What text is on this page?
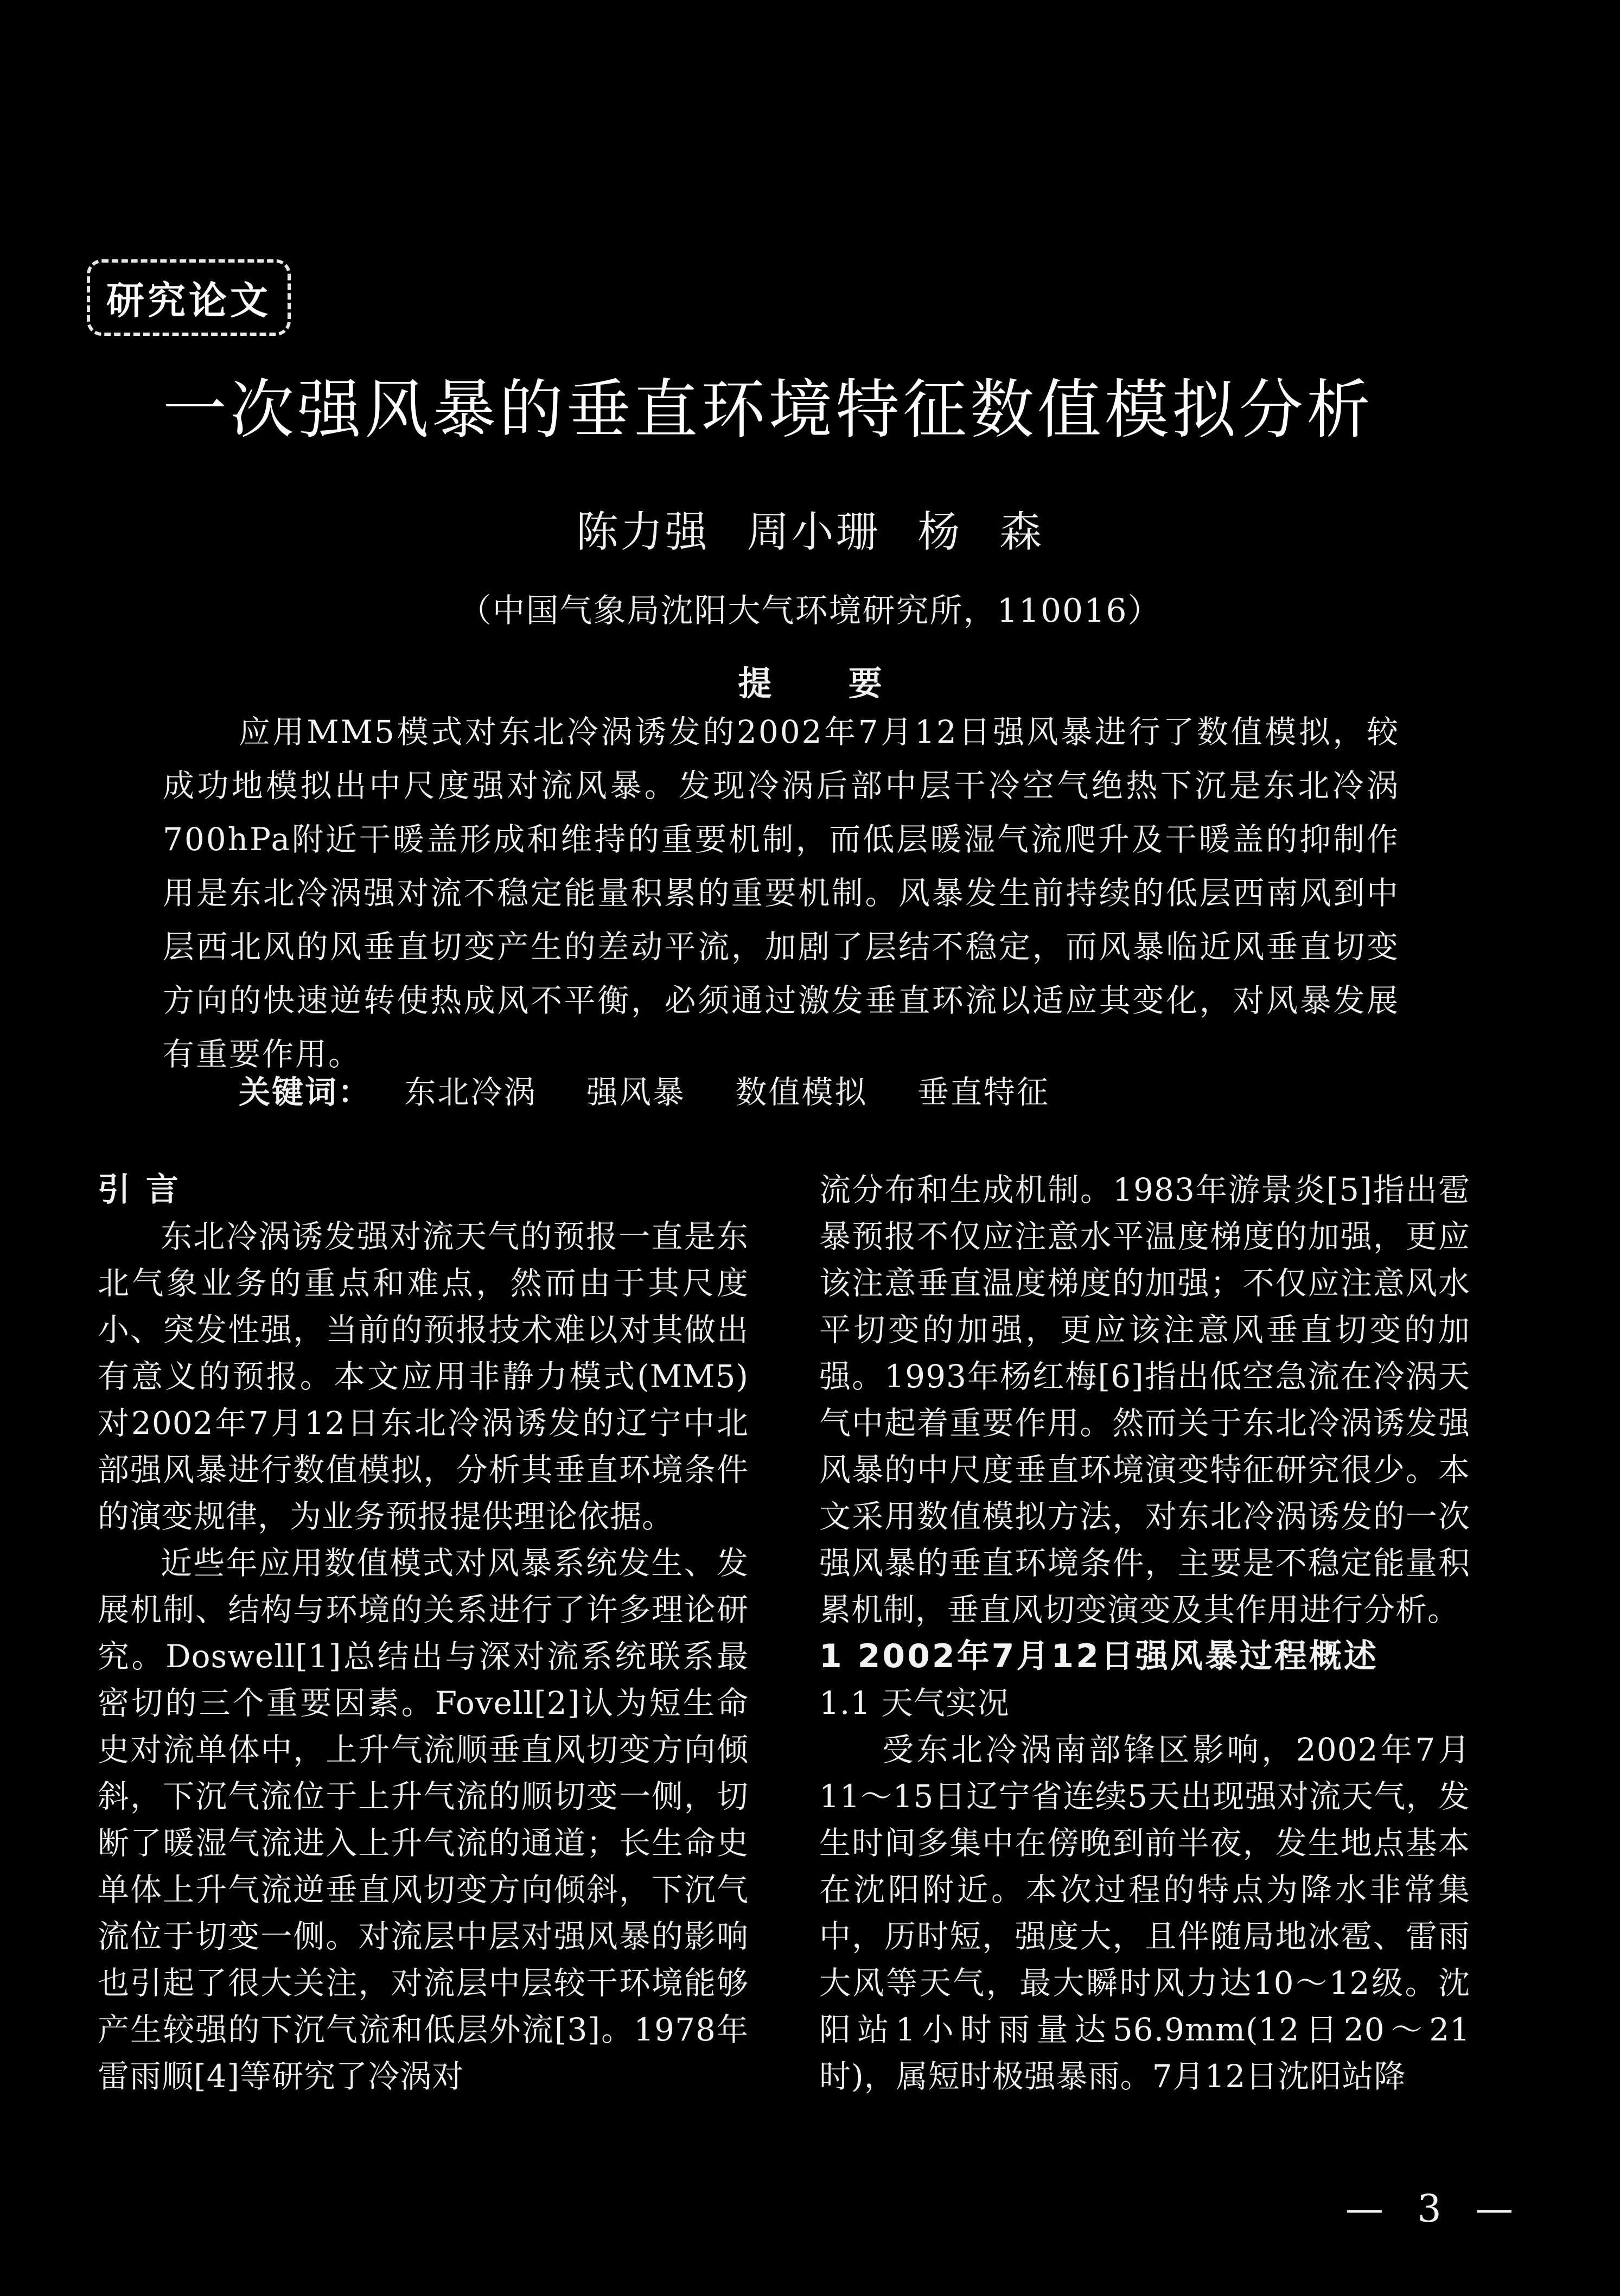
研究论文
一次强风暴的垂直环境特征数值模拟分析
陈力强 周小珊 杨 森
（中国气象局沈阳大气环境研究所，110016）
提 要
应用MM5模式对东北冷涡诱发的2002年7月12日强风暴进行了数值模拟，较成功地模拟出中尺度强对流风暴。发现冷涡后部中层干冷空气绝热下沉是东北冷涡700hPa附近干暖盖形成和维持的重要机制，而低层暖湿气流爬升及干暖盖的抑制作用是东北冷涡强对流不稳定能量积累的重要机制。风暴发生前持续的低层西南风到中层西北风的风垂直切变产生的差动平流，加剧了层结不稳定，而风暴临近风垂直切变方向的快速逆转使热成风不平衡，必须通过激发垂直环流以适应其变化，对风暴发展有重要作用。
关键词： 东北冷涡 强风暴 数值模拟 垂直特征
引 言

东北冷涡诱发强对流天气的预报一直是东北气象业务的重点和难点，然而由于其尺度小、突发性强，当前的预报技术难以对其做出有意义的预报。本文应用非静力模式(MM5)对2002年7月12日东北冷涡诱发的辽宁中北部强风暴进行数值模拟，分析其垂直环境条件的演变规律，为业务预报提供理论依据。

近些年应用数值模式对风暴系统发生、发展机制、结构与环境的关系进行了许多理论研究。Doswell[1]总结出与深对流系统联系最密切的三个重要因素。Fovell[2]认为短生命史对流单体中，上升气流顺垂直风切变方向倾斜，下沉气流位于上升气流的顺切变一侧，切断了暖湿气流进入上升气流的通道；长生命史单体上升气流逆垂直风切变方向倾斜，下沉气流位于切变一侧。对流层中层对强风暴的影响也引起了很大关注，对流层中层较干环境能够产生较强的下沉气流和低层外流[3]。1978年雷雨顺[4]等研究了冷涡对

流分布和生成机制。1983年游景炎[5]指出雹暴预报不仅应注意水平温度梯度的加强，更应该注意垂直温度梯度的加强；不仅应注意风水平切变的加强，更应该注意风垂直切变的加强。1993年杨红梅[6]指出低空急流在冷涡天气中起着重要作用。然而关于东北冷涡诱发强风暴的中尺度垂直环境演变特征研究很少。本文采用数值模拟方法，对东北冷涡诱发的一次强风暴的垂直环境条件，主要是不稳定能量积累机制，垂直风切变演变及其作用进行分析。

1 2002年7月12日强风暴过程概述
1.1 天气实况

受东北冷涡南部锋区影响，2002年7月11～15日辽宁省连续5天出现强对流天气，发生时间多集中在傍晚到前半夜，发生地点基本在沈阳附近。本次过程的特点为降水非常集中，历时短，强度大，且伴随局地冰雹、雷雨大风等天气，最大瞬时风力达10～12级。沈阳站1小时雨量达56.9mm(12日20～21时)，属短时极强暴雨。7月12日沈阳站降

— 3 —
